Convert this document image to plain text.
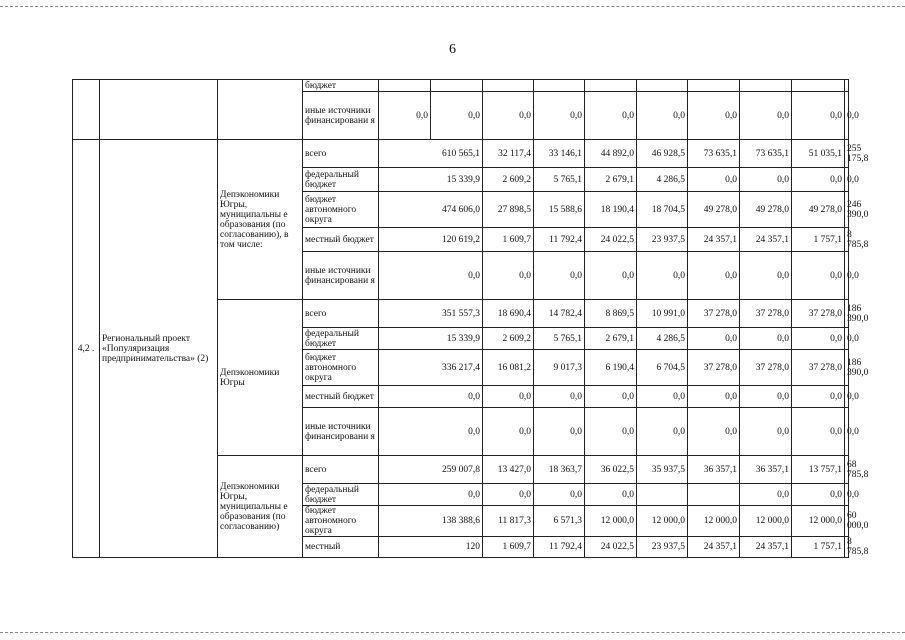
6
			бюджет										
			иные источники финансировани я	0,0	0,0	0,0	0,0	0,0	0,0	0,0	0,0	0,0	0,0
4,2 .	Региональный проект «Популяризация предпринимательства» (2)	Депэкономики Югры, муниципальны е образования (по согласованию), в том числе:	всего	610 565,1		32 117,4	33 146,1	44 892,0	46 928,5	73 635,1	73 635,1	51 035,1	255 175,8
			федеральный бюджет	15 339,9		2 609,2	5 765,1	2 679,1	4 286,5	0,0	0,0	0,0	0,0
			бюджет автономного округа	474 606,0		27 898,5	15 588,6	18 190,4	18 704,5	49 278,0	49 278,0	49 278,0	246 390,0
			местный бюджет	120 619,2		1 609,7	11 792,4	24 022,5	23 937,5	24 357,1	24 357,1	1 757,1	8 785,8
			иные источники финансировани я	0,0		0,0	0,0	0,0	0,0	0,0	0,0	0,0	0,0
		Депэкономики Югры	всего	351 557,3		18 690,4	14 782,4	8 869,5	10 991,0	37 278,0	37 278,0	37 278,0	186 390,0
			федеральный бюджет	15 339,9		2 609,2	5 765,1	2 679,1	4 286,5	0,0	0,0	0,0	0,0
			бюджет автономного округа	336 217,4		16 081,2	9 017,3	6 190,4	6 704,5	37 278,0	37 278,0	37 278,0	186 390,0
			местный бюджет	0,0		0,0	0,0	0,0	0,0	0,0	0,0	0,0	0,0
			иные источники финансировани я	0,0		0,0	0,0	0,0	0,0	0,0	0,0	0,0	0,0
		Депэкономики Югры, муниципальны е образования (по согласованию)	всего	259 007,8		13 427,0	18 363,7	36 022,5	35 937,5	36 357,1	36 357,1	13 757,1	68 785,8
			федеральный бюджет	0,0		0,0	0,0	0,0			0,0	0,0	0,0
			бюджет автономного округа	138 388,6		11 817,3	6 571,3	12 000,0	12 000,0	12 000,0	12 000,0	12 000,0	60 000,0
			местный	120		1 609,7	11 792,4	24 022,5	23 937,5	24 357,1	24 357,1	1 757,1	8 785,8
